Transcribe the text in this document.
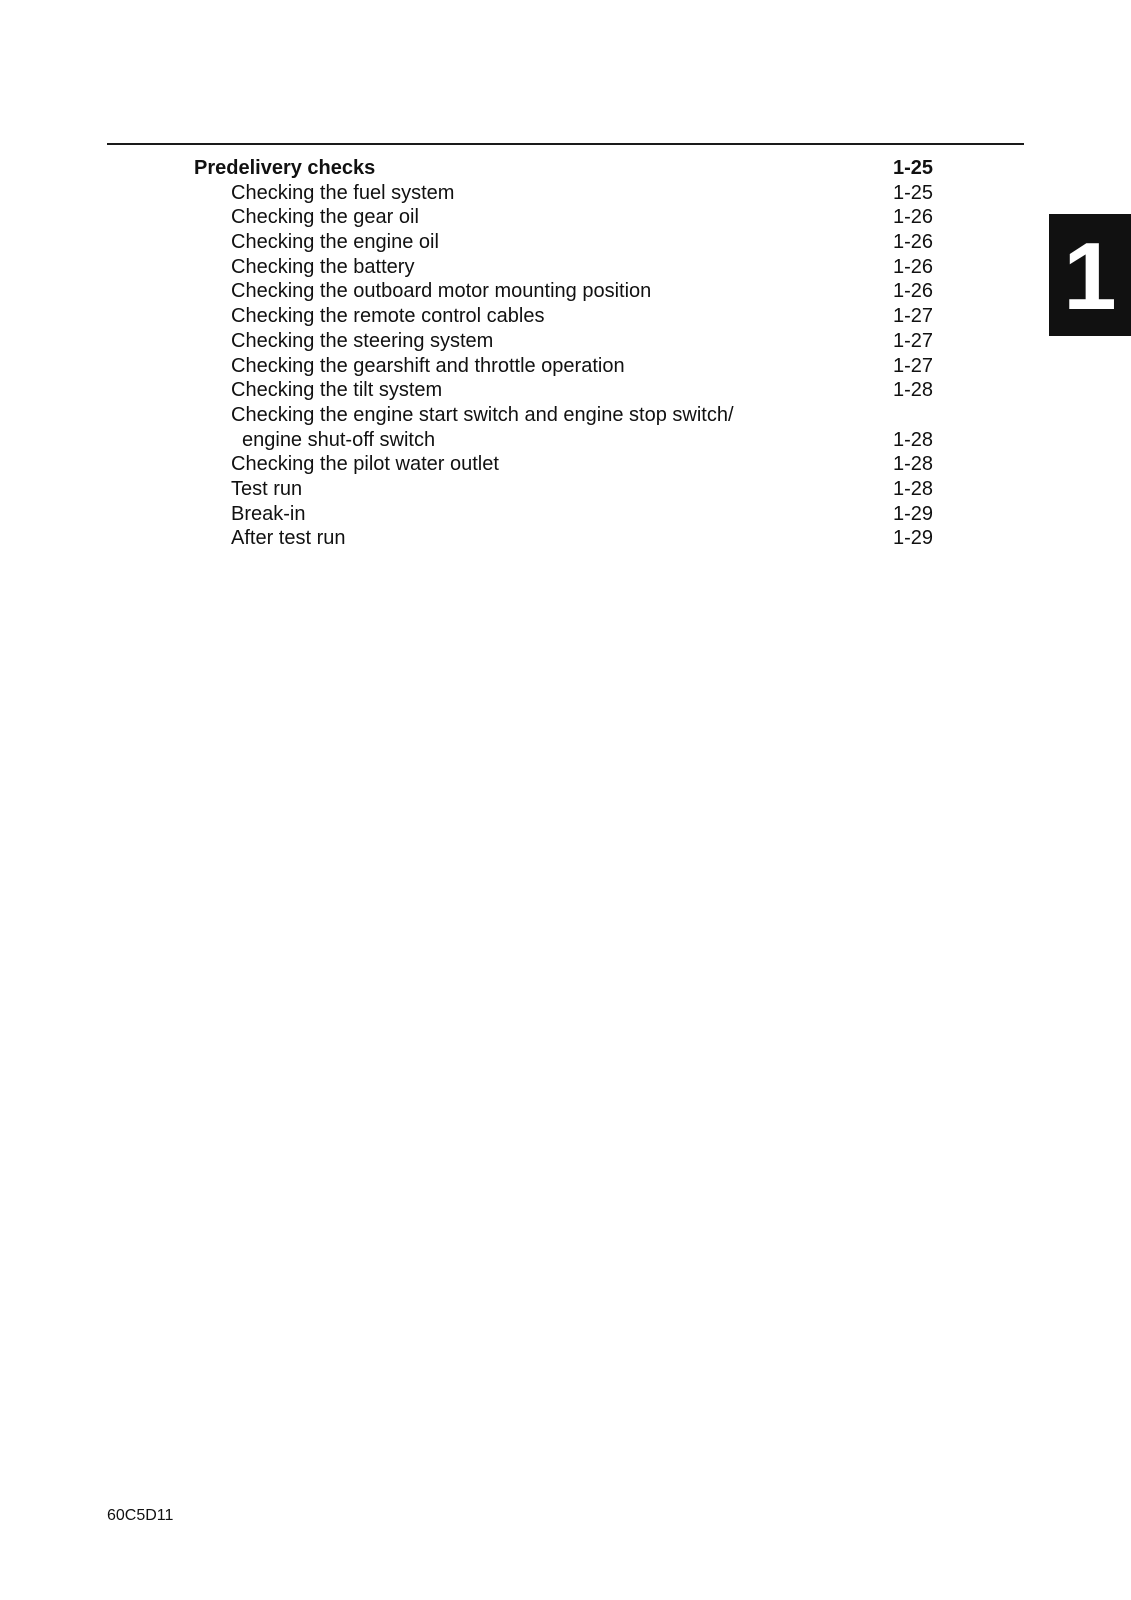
1
Predelivery checks .....	1-25
Checking the fuel system .....	1-25
Checking the gear oil .....	1-26
Checking the engine oil .....	1-26
Checking the battery .....	1-26
Checking the outboard motor mounting position .....	1-26
Checking the remote control cables .....	1-27
Checking the steering system .....	1-27
Checking the gearshift and throttle operation .....	1-27
Checking the tilt system .....	1-28
Checking the engine start switch and engine stop switch/
engine shut-off switch .....	1-28
Checking the pilot water outlet .....	1-28
Test run .....	1-28
Break-in .....	1-29
After test run .....	1-29
60C5D11
